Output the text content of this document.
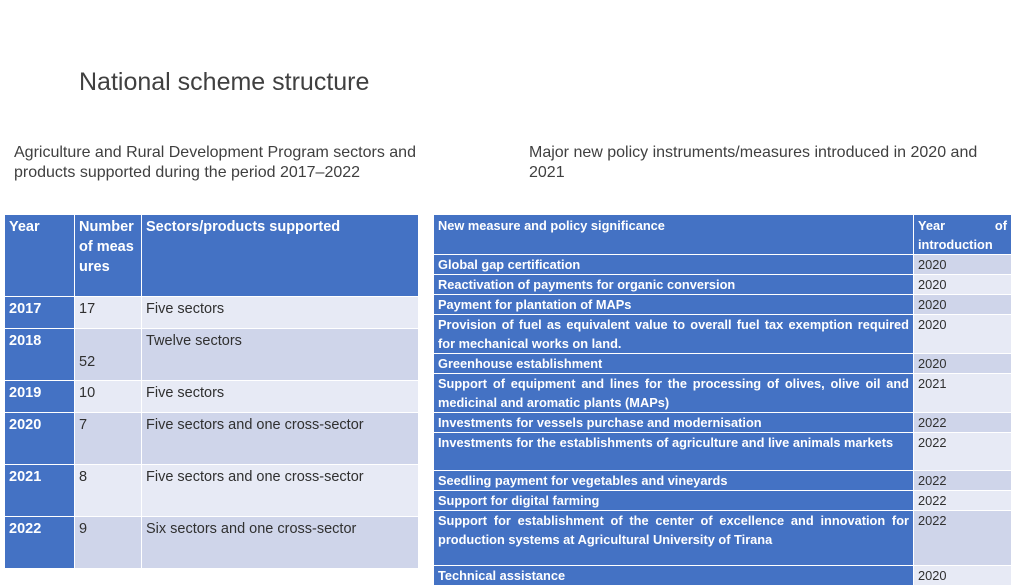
National scheme structure
Agriculture and Rural Development Program sectors and products supported during the period 2017–2022
Major new policy instruments/measures introduced in 2020 and 2021
Year	Number of measures	Sectors/products supported
2017	17	Five sectors
2018	52	Twelve sectors
2019	10	Five sectors
2020	7	Five sectors and one cross-sector
2021	8	Five sectors and one cross-sector
2022	9	Six sectors and one cross-sector
New measure and policy significance	Year of introduction
Global gap certification	2020
Reactivation of payments for organic conversion	2020
Payment for plantation of MAPs	2020
Provision of fuel as equivalent value to overall fuel tax exemption required for mechanical works on land.	2020
Greenhouse establishment	2020
Support of equipment and lines for the processing of olives, olive oil and medicinal and aromatic plants (MAPs)	2021
Investments for vessels purchase and modernisation	2022
Investments for the establishments of agriculture and live animals markets	2022
Seedling payment for vegetables and vineyards	2022
Support for digital farming	2022
Support for establishment of the center of excellence and innovation for production systems at Agricultural University of Tirana	2022
Technical assistance	2020
